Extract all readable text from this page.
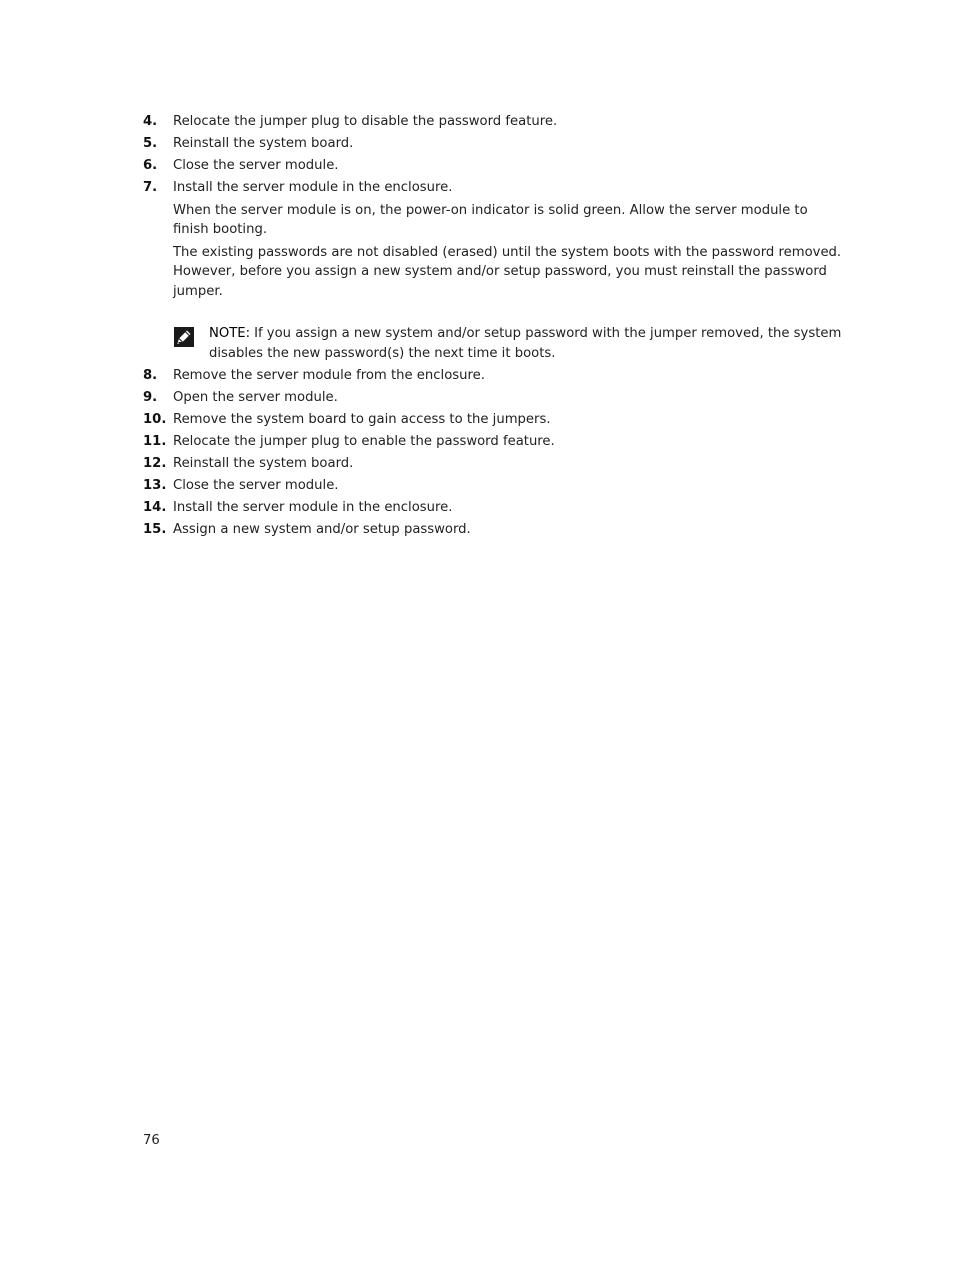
4.	Relocate the jumper plug to disable the password feature.
5.	Reinstall the system board.
6.	Close the server module.
7.	Install the server module in the enclosure.

When the server module is on, the power-on indicator is solid green. Allow the server module to finish booting.

The existing passwords are not disabled (erased) until the system boots with the password removed. However, before you assign a new system and/or setup password, you must reinstall the password jumper.

NOTE: If you assign a new system and/or setup password with the jumper removed, the system disables the new password(s) the next time it boots.
8.	Remove the server module from the enclosure.
9.	Open the server module.
10. Remove the system board to gain access to the jumpers.
11. Relocate the jumper plug to enable the password feature.
12. Reinstall the system board.
13. Close the server module.
14. Install the server module in the enclosure.
15. Assign a new system and/or setup password.
76
